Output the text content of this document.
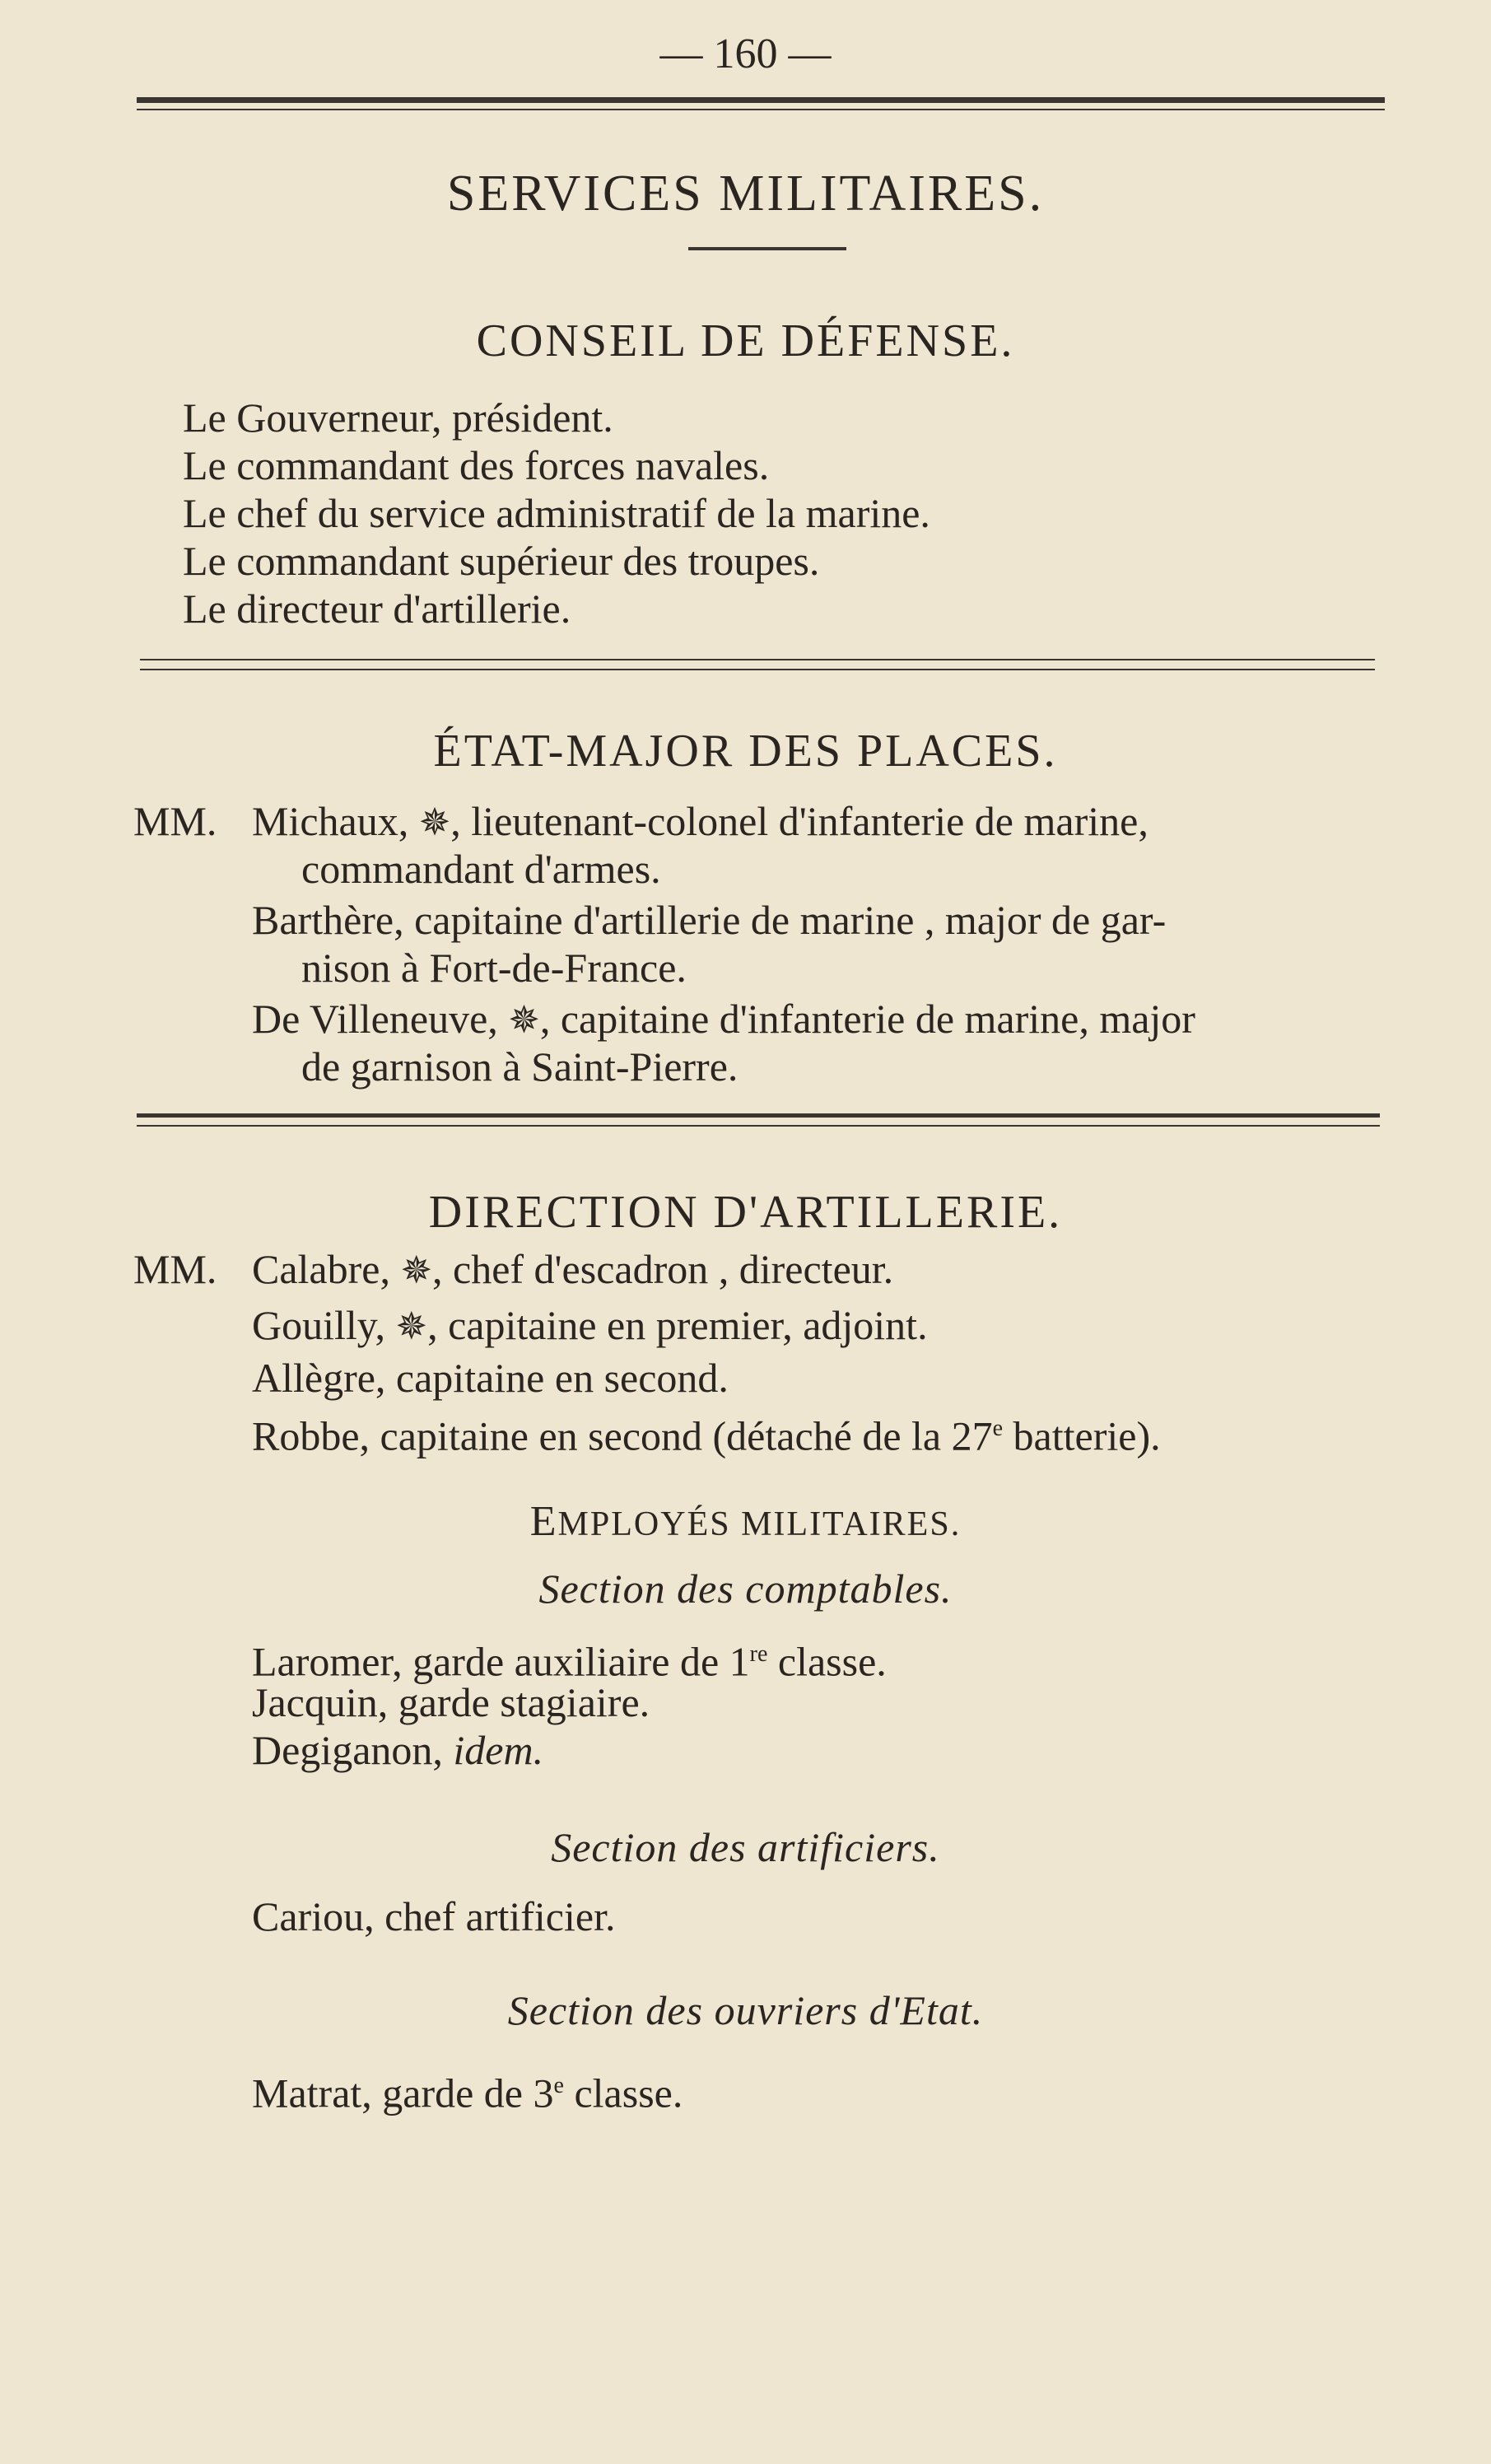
— 160 —
SERVICES MILITAIRES.
CONSEIL DE DÉFENSE.
Le Gouverneur, président.
Le commandant des forces navales.
Le chef du service administratif de la marine.
Le commandant supérieur des troupes.
Le directeur d'artillerie.
ÉTAT-MAJOR DES PLACES.
MM. Michaux, ✵, lieutenant-colonel d'infanterie de marine,
commandant d'armes.
Barthère, capitaine d'artillerie de marine , major de gar-
nison à Fort-de-France.
De Villeneuve, ✵, capitaine d'infanterie de marine, major
de garnison à Saint-Pierre.
DIRECTION D'ARTILLERIE.
MM. Calabre, ✵, chef d'escadron , directeur.
Gouilly, ✵, capitaine en premier, adjoint.
Allègre, capitaine en second.
Robbe, capitaine en second (détaché de la 27e batterie).
EMPLOYÉS MILITAIRES.
Section des comptables.
Laromer, garde auxiliaire de 1re classe.
Jacquin, garde stagiaire.
Degiganon, idem.
Section des artificiers.
Cariou, chef artificier.
Section des ouvriers d'Etat.
Matrat, garde de 3e classe.
